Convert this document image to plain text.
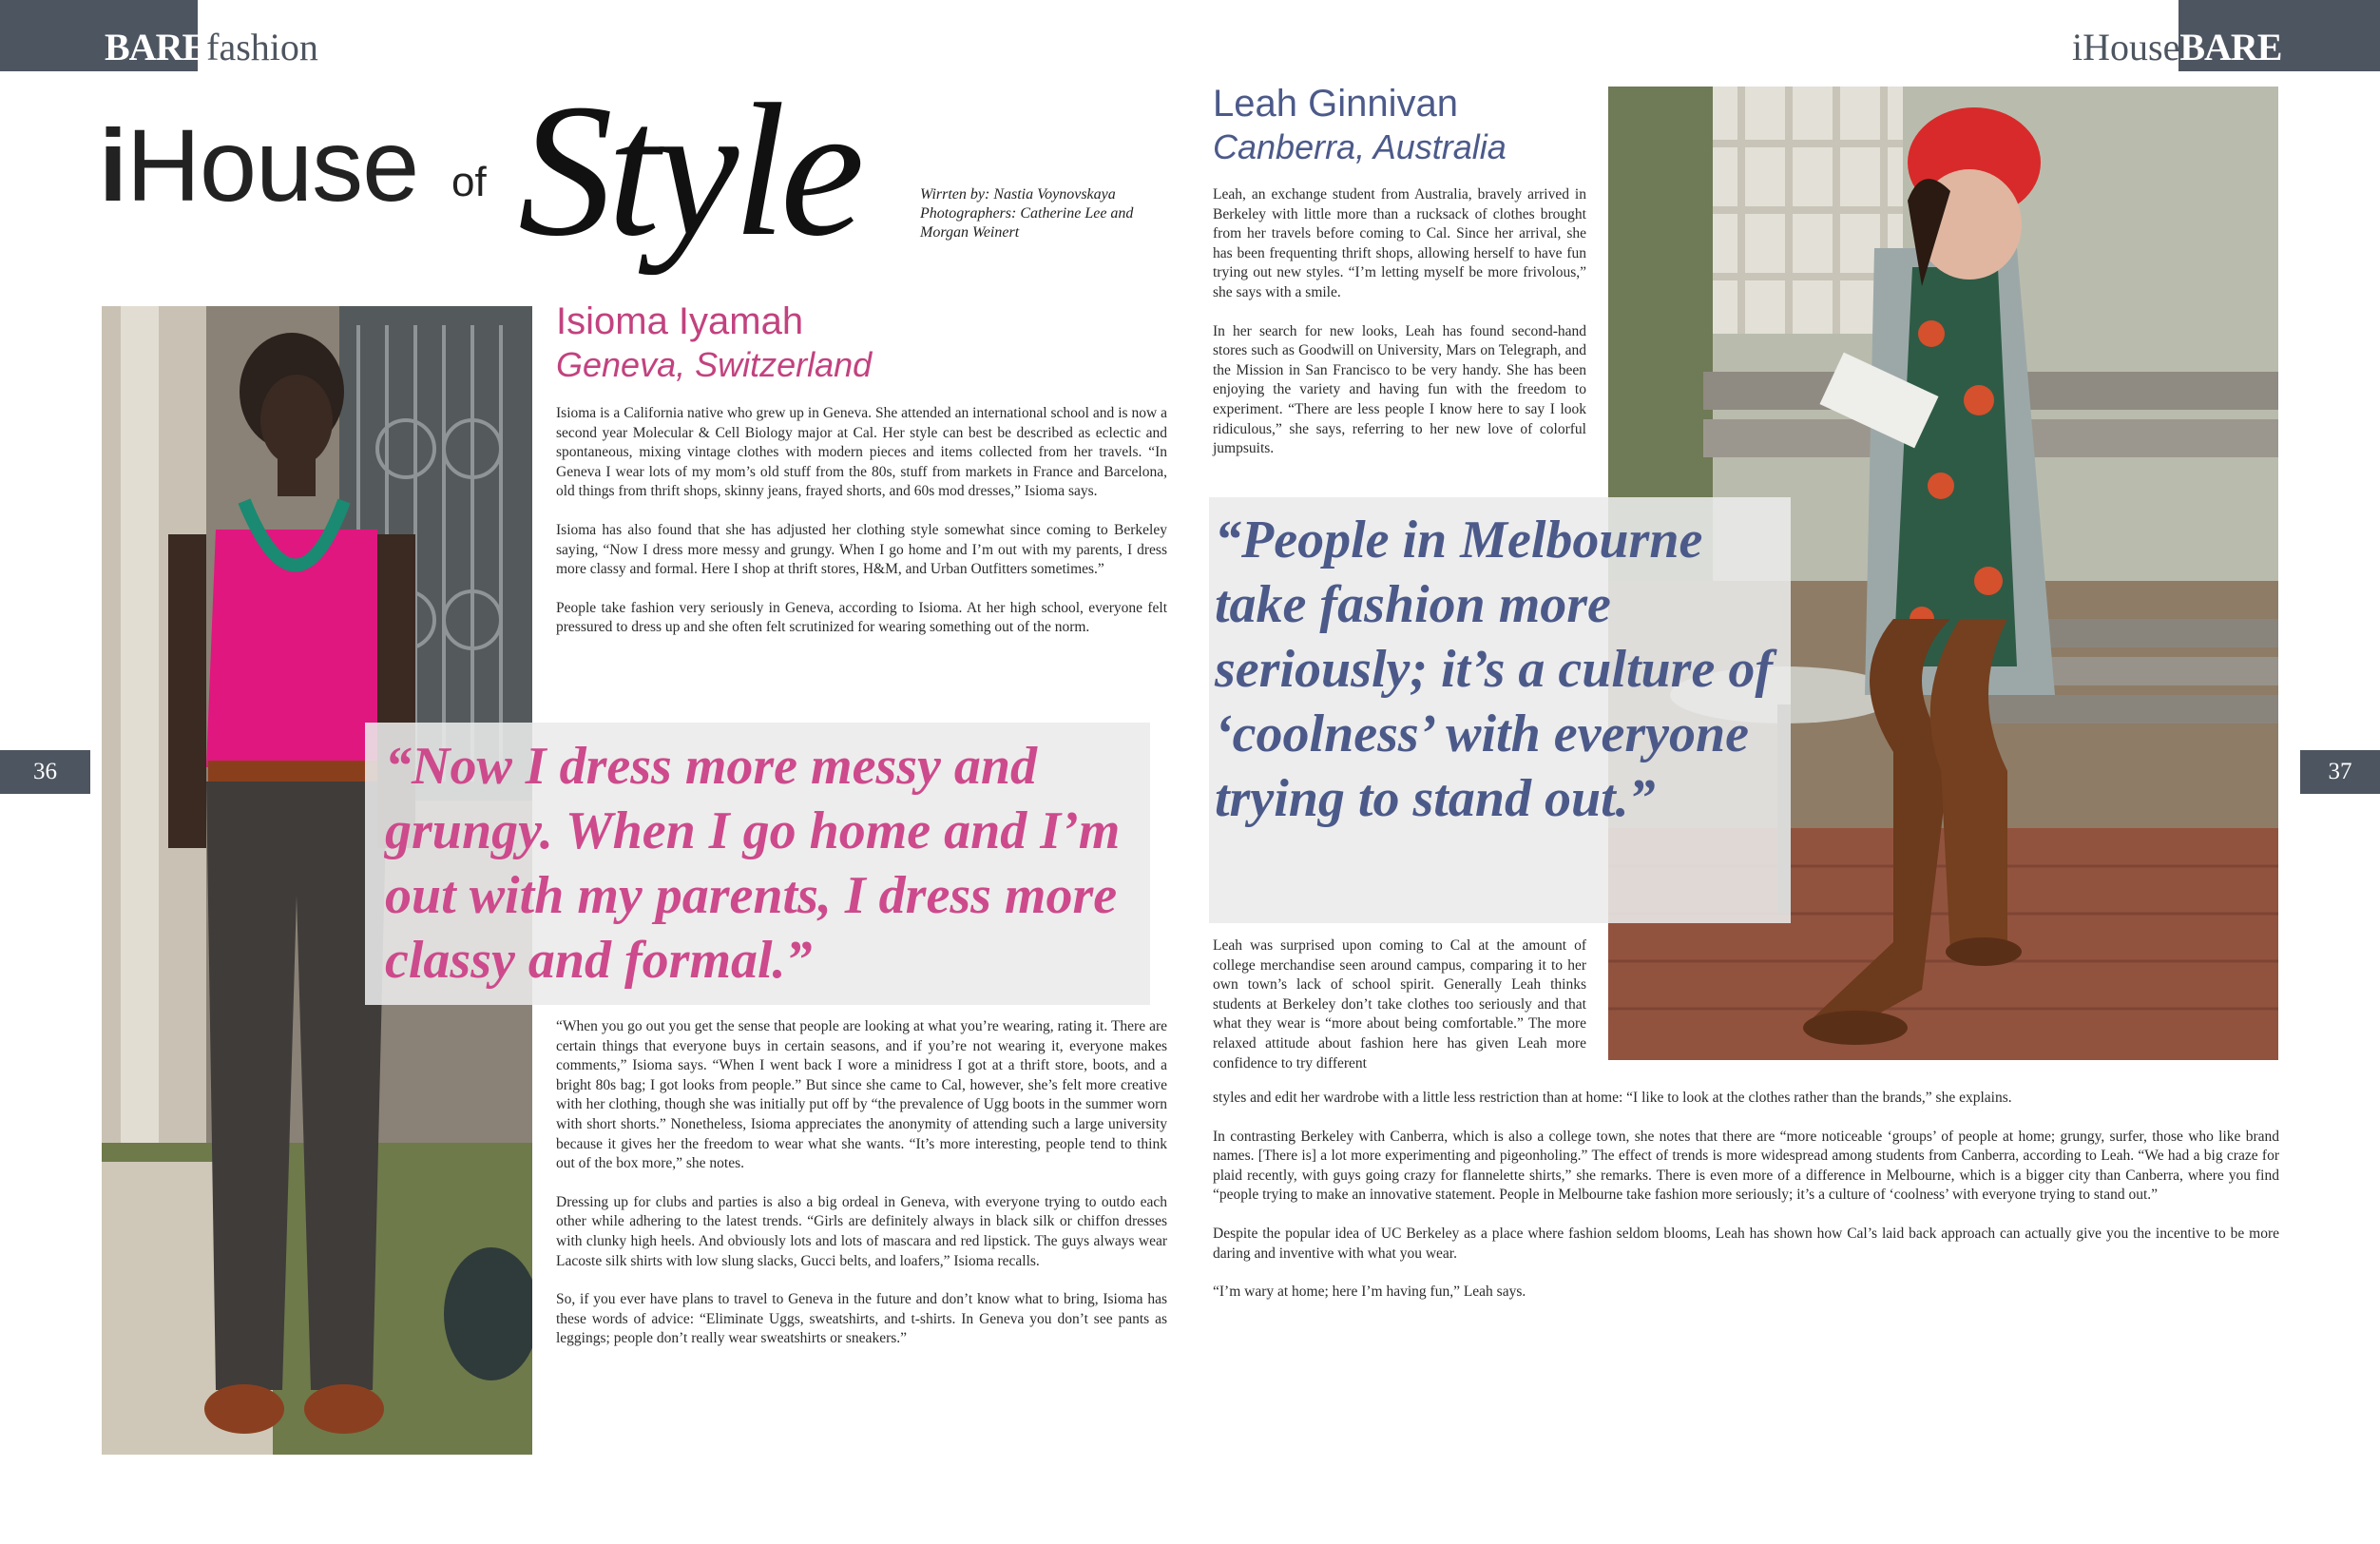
BAREfashion	iHouseBARE
36	37
iHouse of Style	Wirrten by: Nastia Voynovskaya
Photographers: Catherine Lee and
Morgan Weinert
Isioma Iyamah
Geneva, Switzerland
Leah Ginnivan
Canberra, Australia

Isioma is a California native who grew up in Geneva. She attended an international school and is now a second year Molecular & Cell Biology major at Cal. Her style can best be described as eclectic and spontaneous, mixing vintage clothes with modern pieces and items collected from her travels. “In Geneva I wear lots of my mom’s old stuff from the 80s, stuff from markets in France and Barcelona, old things from thrift shops, skinny jeans, frayed shorts, and 60s mod dresses,” Isioma says.

Isioma has also found that she has adjusted her clothing style somewhat since coming to Berkeley saying, “Now I dress more messy and grungy. When I go home and I’m out with my parents, I dress more classy and formal. Here I shop at thrift stores, H&M, and Urban Outfitters sometimes.”

People take fashion very seriously in Geneva, according to Isioma. At her high school, everyone felt pressured to dress up and she often felt scrutinized for wearing something out of the norm.

“When you go out you get the sense that people are looking at what you’re wearing, rating it. There are certain things that everyone buys in certain seasons, and if you’re not wearing it, everyone makes comments,” Isioma says. “When I went back I wore a minidress I got at a thrift store, boots, and a bright 80s bag; I got looks from people.” But since she came to Cal, however, she’s felt more creative with her clothing, though she was initially put off by “the prevalence of Ugg boots in the summer worn with short shorts.” Nonetheless, Isioma appreciates the anonymity of attending such a large university because it gives her the freedom to wear what she wants. “It’s more interesting, people tend to think out of the box more,” she notes.

Dressing up for clubs and parties is also a big ordeal in Geneva, with everyone trying to outdo each other while adhering to the latest trends. “Girls are definitely always in black silk or chiffon dresses with clunky high heels. And obviously lots and lots of mascara and red lipstick. The guys always wear Lacoste silk shirts with low slung slacks, Gucci belts, and loafers,” Isioma recalls.

So, if you ever have plans to travel to Geneva in the future and don’t know what to bring, Isioma has these words of advice: “Eliminate Uggs, sweatshirts, and t-shirts. In Geneva you don’t see pants as leggings; people don’t really wear sweatshirts or sneakers.”

Leah, an exchange student from Australia, bravely arrived in Berkeley with little more than a rucksack of clothes brought from her travels before coming to Cal. Since her arrival, she has been frequenting thrift shops, allowing herself to have fun trying out new styles. “I’m letting myself be more frivolous,” she says with a smile.

In her search for new looks, Leah has found second-hand stores such as Goodwill on University, Mars on Telegraph, and the Mission in San Francisco to be very handy. She has been enjoying the variety and having fun with the freedom to experiment. “There are less people I know here to say I look ridiculous,” she says, referring to her new love of colorful jumpsuits.

Leah was surprised upon coming to Cal at the amount of college merchandise seen around campus, comparing it to her own town’s lack of school spirit. Generally Leah thinks students at Berkeley don’t take clothes too seriously and that what they wear is “more about being comfortable.” The more relaxed attitude about fashion here has given Leah more confidence to try different

styles and edit her wardrobe with a little less restriction than at home: “I like to look at the clothes rather than the brands,” she explains.

In contrasting Berkeley with Canberra, which is also a college town, she notes that there are “more noticeable ‘groups’ of people at home; grungy, surfer, those who like brand names. [There is] a lot more experimenting and pigeonholing.” The effect of trends is more widespread among students from Canberra, according to Leah. “We had a big craze for plaid recently, with guys going crazy for flannelette shirts,” she remarks. There is even more of a difference in Melbourne, which is a bigger city than Canberra, where you find “people trying to make an innovative statement. People in Melbourne take fashion more seriously; it’s a culture of ‘coolness’ with everyone trying to stand out.”

Despite the popular idea of UC Berkeley as a place where fashion seldom blooms, Leah has shown how Cal’s laid back approach can actually give you the incentive to be more daring and inventive with what you wear.

“I’m wary at home; here I’m having fun,” Leah says.

“Now I dress more messy and grungy. When I go home and I’m out with my parents, I dress more classy and formal.”
“People in Melbourne take fashion more seriously; it’s a culture of ‘coolness’ with everyone trying to stand out.”
